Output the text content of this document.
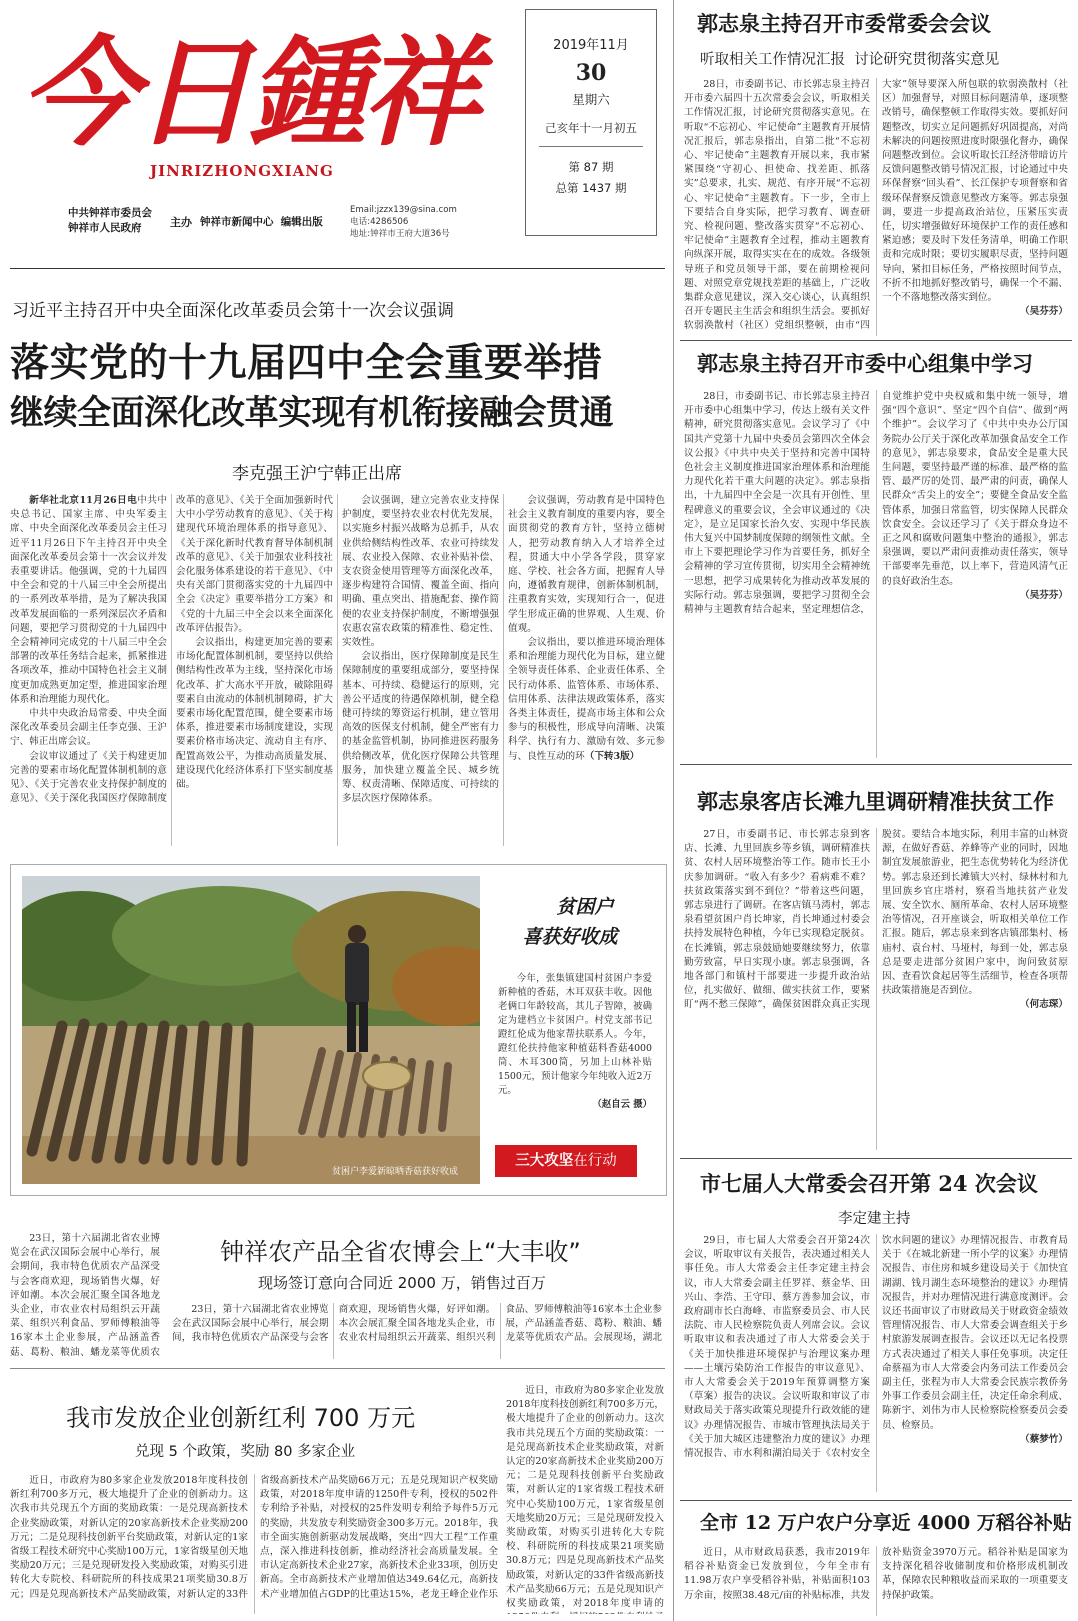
今日鍾祥
JINRIZHONGXIANG
中共钟祥市委员会
钟祥市人民政府	主办 钟祥市新闻中心  编辑出版
Email:jzzx139@sina.com
电话:4286506
地址:钟祥市王府大道36号
2019年11月
30
星期六
己亥年十一月初五
第 87 期
总第 1437 期
习近平主持召开中央全面深化改革委员会第十一次会议强调
落实党的十九届四中全会重要举措
继续全面深化改革实现有机衔接融会贯通
李克强王沪宁韩正出席

新华社北京11月26日电中共中央总书记、国家主席、中央军委主席、中央全面深化改革委员会主任习近平11月26日下午主持召开中央全面深化改革委员会第十一次会议并发表重要讲话。他强调，党的十九届四中全会和党的十八届三中全会所提出的一系列改革举措，是为了解决我国改革发展面临的一系列深层次矛盾和问题，要把学习贯彻党的十九届四中全会精神同完成党的十八届三中全会部署的改革任务结合起来，抓紧推进各项改革，推动中国特色社会主义制度更加成熟更加定型，推进国家治理体系和治理能力现代化。

中共中央政治局常委、中央全面深化改革委员会副主任李克强、王沪宁、韩正出席会议。

会议审议通过了《关于构建更加完善的要素市场化配置体制机制的意见》、《关于完善农业支持保护制度的意见》、《关于深化我国医疗保障制度改革的意见》、《关于全面加强新时代大中小学劳动教育的意见》、《关于构建现代环境治理体系的指导意见》、《关于深化新时代教育督导体制机制改革的意见》、《关于加强农业科技社会化服务体系建设的若干意见》、《中央有关部门贯彻落实党的十九届四中全会《决定》重要举措分工方案》和《党的十九届三中全会以来全面深化改革评估报告》。

会议指出，构建更加完善的要素市场化配置体制机制，要坚持以供给侧结构性改革为主线，坚持深化市场化改革、扩大高水平开放，破除阻碍要素自由流动的体制机制障碍，扩大要素市场化配置范围，健全要素市场体系，推进要素市场制度建设，实现要素价格市场决定、流动自主有序、配置高效公平，为推动高质量发展、建设现代化经济体系打下坚实制度基础。

会议强调，建立完善农业支持保护制度，要坚持农业农村优先发展，以实施乡村振兴战略为总抓手，从农业供给侧结构性改革、农业可持续发展、农业投入保障、农业补贴补偿、支农资金使用管理等方面深化改革，逐步构建符合国情、覆盖全面、指向明确、重点突出、措施配套、操作简便的农业支持保护制度，不断增强强农惠农富农政策的精准性、稳定性、实效性。

会议指出，医疗保障制度是民生保障制度的重要组成部分，要坚持保基本、可持续、稳健运行的原则，完善公平适度的待遇保障机制，健全稳健可持续的筹资运行机制，建立管用高效的医保支付机制，健全严密有力的基金监管机制，协同推进医药服务供给侧改革，优化医疗保障公共管理服务，加快建立覆盖全民、城乡统筹、权责清晰、保障适度、可持续的多层次医疗保障体系。

会议强调，劳动教育是中国特色社会主义教育制度的重要内容，要全面贯彻党的教育方针，坚持立德树人，把劳动教育纳入人才培养全过程，贯通大中小学各学段，贯穿家庭、学校、社会各方面，把握育人导向，遵循教育规律，创新体制机制，注重教育实效，实现知行合一，促进学生形成正确的世界观、人生观、价值观。

会议指出，要以推进环境治理体系和治理能力现代化为目标，建立健全领导责任体系、企业责任体系、全民行动体系、监管体系、市场体系、信用体系、法律法规政策体系，落实各类主体责任，提高市场主体和公众参与的积极性，形成导向清晰、决策科学、执行有力、激励有效、多元参与、良性互动的环（下转3版）

贫困户李爱新晾晒香菇获好收成
贫困户
喜获好收成

今年，张集镇建国村贫困户李爱新种植的香菇，木耳双获丰收。因他老俩口年龄较高，其儿子智障，被确定为建档立卡贫困户。村党支部书记蹬红伦成为他家帮扶联系人。今年，蹬红伦扶持他家种植菇料香菇4000筒、木耳300筒，另加上山林补贴1500元，预计他家今年纯收入近2万元。

（赵自云 摄）

三大攻坚在行动
钟祥农产品全省农博会上“大丰收”
现场签订意向合同近 2000 万，销售过百万

23日，第十六届湖北省农业博览会在武汉国际会展中心举行，展会期间，我市特色优质农产品深受与会客商欢迎，现场销售火爆，好评如潮。本次会展汇聚全国各地龙头企业，市农业农村局组织云开蔬菜、组织兴利食品、罗师傅粮油等16家本土企业参展，产品涵盖香菇、葛粉、粮油、蟠龙菜等优质农

23日，第十六届湖北省农业博览会在武汉国际会展中心举行，展会期间，我市特色优质农产品深受与会客商欢迎，现场销售火爆，好评如潮。本次会展汇聚全国各地龙头企业，市农业农村局组织云开蔬菜、组织兴利食品、罗师傅粮油等16家本土企业参展，产品涵盖香菇、葛粉、粮油、蟠龙菜等优质农产品。会展现场，湖北

我市发放企业创新红利 700 万元
兑现 5 个政策，奖励 80 多家企业

近日，市政府为80多家企业发放2018年度科技创新红利700多万元，极大地提升了企业的创新动力。这次我市共兑现五个方面的奖励政策：一是兑现高新技术企业奖励政策，对新认定的20家高新技术企业奖励200万元；二是兑现科技创新平台奖励政策，对新认定的1家省级工程技术研究中心奖励100万元，1家省级星创天地奖励20万元；三是兑现研发投入奖励政策，对购买引进转化大专院校、科研院所的科技成果21项奖励30.8万元；四是兑现高新技术产品奖励政策，对新认定的33件省级高新技术产品奖励66万元；五是兑现知识产权奖励政策，对2018年度申请的1250件专利，授权的502件专利给予补贴，对授权的25件发明专利给予每件5万元的奖励，共发放专利奖励资金300多万元。2018年，我市全面实施创新驱动发展战略，突出“四大工程”工作重点，深入推进科技创新，推动经济社会高质量发展。全市认定高新技术企业27家，高新技术企业33项，创历史新高。全市高新技术产业增加值达349.64亿元，高新技术产业增加值占GDP的比重达15%，老龙王峰企业作乐

近日，市政府为80多家企业发放2018年度科技创新红利700多万元，极大地提升了企业的创新动力。这次我市共兑现五个方面的奖励政策：一是兑现高新技术企业奖励政策，对新认定的20家高新技术企业奖励200万元；二是兑现科技创新平台奖励政策，对新认定的1家省级工程技术研究中心奖励100万元，1家省级星创天地奖励20万元；三是兑现研发投入奖励政策，对购买引进转化大专院校、科研院所的科技成果21项奖励30.8万元；四是兑现高新技术产品奖励政策，对新认定的33件省级高新技术产品奖励66万元；五是兑现知识产权奖励政策，对2018年度申请的

郭志泉主持召开市委常委会会议
听取相关工作情况汇报  讨论研究贯彻落实意见

28日，市委副书记、市长郭志泉主持召开市委六届四十五次常委会会议，听取相关工作情况汇报，讨论研究贯彻落实意见。在听取“不忘初心、牢记使命”主题教育开展情况汇报后，郭志泉指出，自第二批“不忘初心、牢记使命”主题教育开展以来，我市紧紧围绕“守初心、担使命、找差距、抓落实”总要求，扎实、规范、有序开展“不忘初心、牢记使命”主题教育。下一步，全市上下要结合自身实际，把学习教育、调查研究、检视问题、整改落实贯穿“不忘初心、牢记使命”主题教育全过程，推动主题教育向纵深开展，取得实实在在的成效。各级领导班子和党员领导干部，要在前期检视问题、对照党章党规找差距的基础上，广泛收集群众意见建议，深入交心谈心，认真组织召开专题民主生活会和组织生活会。要抓好软弱涣散村（社区）党组织整顿，由市“四大家”领导要深入所包联的软弱涣散村（社区）加强督导，对照目标问题清单，逐项整改销号，确保整顿工作取得实效。要抓好问题整改，切实立足问题抓好巩固提高，对尚未解决的问题按照进度时限强化督办，确保问题整改到位。会议听取长江经济带暗访片反馈问题整改销号情况汇报，讨论通过中央环保督察“回头看”、长江保护专项督察和省级环保督察反馈意见整改方案等。郭志泉强调，要进一步提高政治站位，压紧压实责任，切实增强做好环境保护工作的责任感和紧迫感；要及时下发任务清单，明确工作职责和完成时限；要切实履职尽责，坚持问题导向，紧扣目标任务，严格按照时间节点，不折不扣地抓好整改销号，确保一个不漏、一个不落地整改落实到位。

（吴芬芬）

郭志泉主持召开市委中心组集中学习

28日，市委副书记、市长郭志泉主持召开市委中心组集中学习，传达上级有关文件精神，研究贯彻落实意见。会议学习了《中国共产党第十九届中央委员会第四次全体会议公报》《中共中央关于坚持和完善中国特色社会主义制度推进国家治理体系和治理能力现代化若干重大问题的决定》。郭志泉指出，十九届四中全会是一次具有开创性、里程碑意义的重要会议，全会审议通过的《决定》，是立足国家长治久安、实现中华民族伟大复兴中国梦制度保障的纲领性文献。全市上下要把理论学习作为首要任务，抓好全会精神的学习宣传贯彻，切实用全会精神统一思想，把学习成果转化为推动改革发展的实际行动。郭志泉强调，要把学习贯彻全会精神与主题教育结合起来，坚定理想信念，自觉维护党中央权威和集中统一领导，增强“四个意识”、坚定“四个自信”、做到“两个维护”。会议学习了《中共中央办公厅国务院办公厅关于深化改革加强食品安全工作的意见》，郭志泉要求，食品安全是重大民生问题，要坚持最严谨的标准、最严格的监管、最严厉的处罚、最严肃的问责，确保人民群众“舌尖上的安全”；要健全食品安全监管体系，加强日常监管，切实保障人民群众饮食安全。会议还学习了《关于群众身边不正之风和腐败问题集中整治的通报》，郭志泉强调，要以严肃问责推动责任落实，领导干部要率先垂范，以上率下，营造风清气正的良好政治生态。

（吴芬芬）

郭志泉客店长滩九里调研精准扶贫工作

27日，市委副书记、市长郭志泉到客店、长滩、九里回族乡等乡镇，调研精准扶贫、农村人居环境整治等工作。随市长王小庆参加调研。“收入有多少？看病难不难？扶贫政策落实到不到位？”带着这些问题，郭志泉进行了调研。在客店镇马湾村，郭志泉看望贫困户肖长坤家，肖长坤通过村委会扶持发展特色种植，今年已实现稳定脱贫。在长滩镇，郭志泉鼓励她要继续努力，依靠勤劳致富，早日实现小康。郭志泉强调，各地各部门和镇村干部要进一步提升政治站位，扎实做好、做细、做实扶贫工作，要紧盯“两不愁三保障”，确保贫困群众真正实现脱贫。要结合本地实际，利用丰富的山林资源，在做好香菇、养蜂等产业的同时，因地制宜发展旅游业，把生态优势转化为经济优势。郭志泉还到长滩镇大兴村、绿林村和九里回族乡官庄塔村，察看当地扶贫产业发展、安全饮水、厕所革命、农村人居环境整治等情况，召开座谈会，听取相关单位工作汇报。随后，郭志泉来到客店镇邵集村、杨庙村、袁台村、马垭村，每到一处，郭志泉总是要走进部分贫困户家中，询问致贫原因、查看饮食起居等生活细节，检查各项帮扶政策措施是否到位。

（何志琛）

市七届人大常委会召开第 24 次会议
李定建主持

29日，市七届人大常委会召开第24次会议，听取审议有关报告，表决通过相关人事任免。市人大常委会主任李定建主持会议，市人大常委会副主任罗祥、蔡金华、田兴山、李浩、王守印、蔡方善参加会议，市政府副市长白海峰、市监察委员会、市人民法院、市人民检察院负责人列席会议。会议听取审议和表决通过了市人大常委会关于《关于加快推进环境保护与治理议案办理——土壤污染防治工作报告的审议意见》、市人大常委会关于2019年预算调整方案（草案）报告的决议。会议听取和审议了市财政局关于落实政策兑现提升行政效能的建议》办理情况报告、市城市管理执法局关于《关于加大城区违建整治力度的建议》办理情况报告、市水利和湖泊局关于《农村安全饮水问题的建议》办理情况报告、市教育局关于《在城北新建一所小学的议案》办理情况报告、市住房和城乡建设局关于《加快宜湖湖、钱月湖生态环境整治的建议》办理情况报告，并对办理情况进行满意度测评。会议还书面审议了市财政局关于财政资金绩效管理情况报告、市人大常委会调查组关于乡村旅游发展调查报告。会议还以无记名投票方式表决通过了相关人事任免事项。决定任命蔡福为市人大常委会内务司法工作委员会副主任，张程为市人大常委会民族宗教侨务外事工作委员会副主任，决定任命余利成、陈新宇、刘伟为市人民检察院检察委员会委员、检察员。

（蔡梦竹）

全市 12 万户农户分享近 4000 万稻谷补贴

近日，从市财政局获悉，我市2019年稻谷补贴资金已发放到位，今年全市有11.98万农户享受稻谷补贴，补贴面积103万余亩，按照38.48元/亩的补贴标准，共发放补贴资金3970万元。稻谷补贴是国家为支持深化稻谷收储制度和价格形成机制改革，保障农民种粮收益而采取的一项重要支持保护政策。
